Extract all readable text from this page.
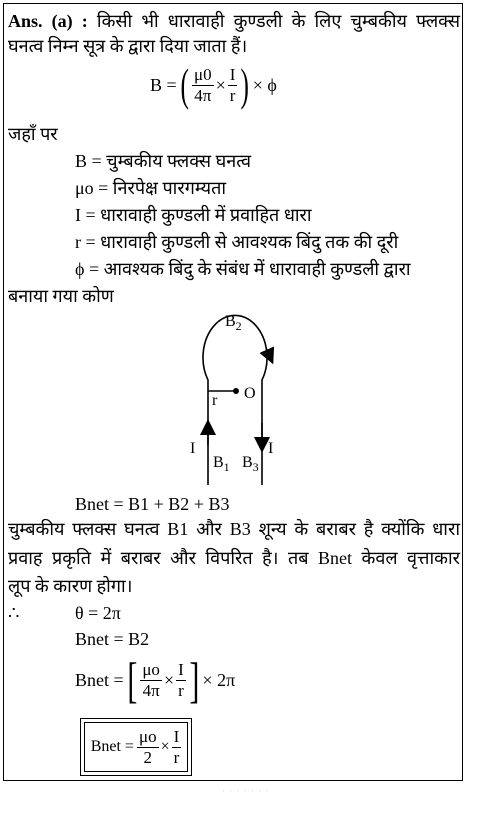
Ans. (a) : किसी भी धारावाही कुण्डली के लिए चुम्बकीय फ्लक्स
घनत्व निम्न सूत्र के द्वारा दिया जाता हैं।
B = ( $\frac{\mu 0}{4\pi} \times \frac{I}{r}$ ) × ϕ
जहाँ पर
B = चुम्बकीय फ्लक्स घनत्व
μo = निरपेक्ष पारगम्यता
I = धारावाही कुण्डली में प्रवाहित धारा
r = धारावाही कुण्डली से आवश्यक बिंदु तक की दूरी
ϕ = आवश्यक बिंदु के संबंध में धारावाही कुण्डली द्वारा
बनाया गया कोण
$B_2$
O
r
I	I
$B_1$ $B_3$
Bnet = B1 + B2 + B3
चुम्बकीय फ्लक्स घनत्व B1 और B3 शून्य के बराबर है क्योंकि धारा
प्रवाह प्रकृति में बराबर और विपरित है। तब Bnet केवल वृत्ताकार
लूप के कारण होगा।
∴	θ = 2π
Bnet = B2
Bnet = [ $\frac{\mu o}{4\pi} \times \frac{I}{r}$ ] × 2π
Bnet = $\frac{\mu o}{2} \times \frac{I}{r}$
· · · · · · ·
